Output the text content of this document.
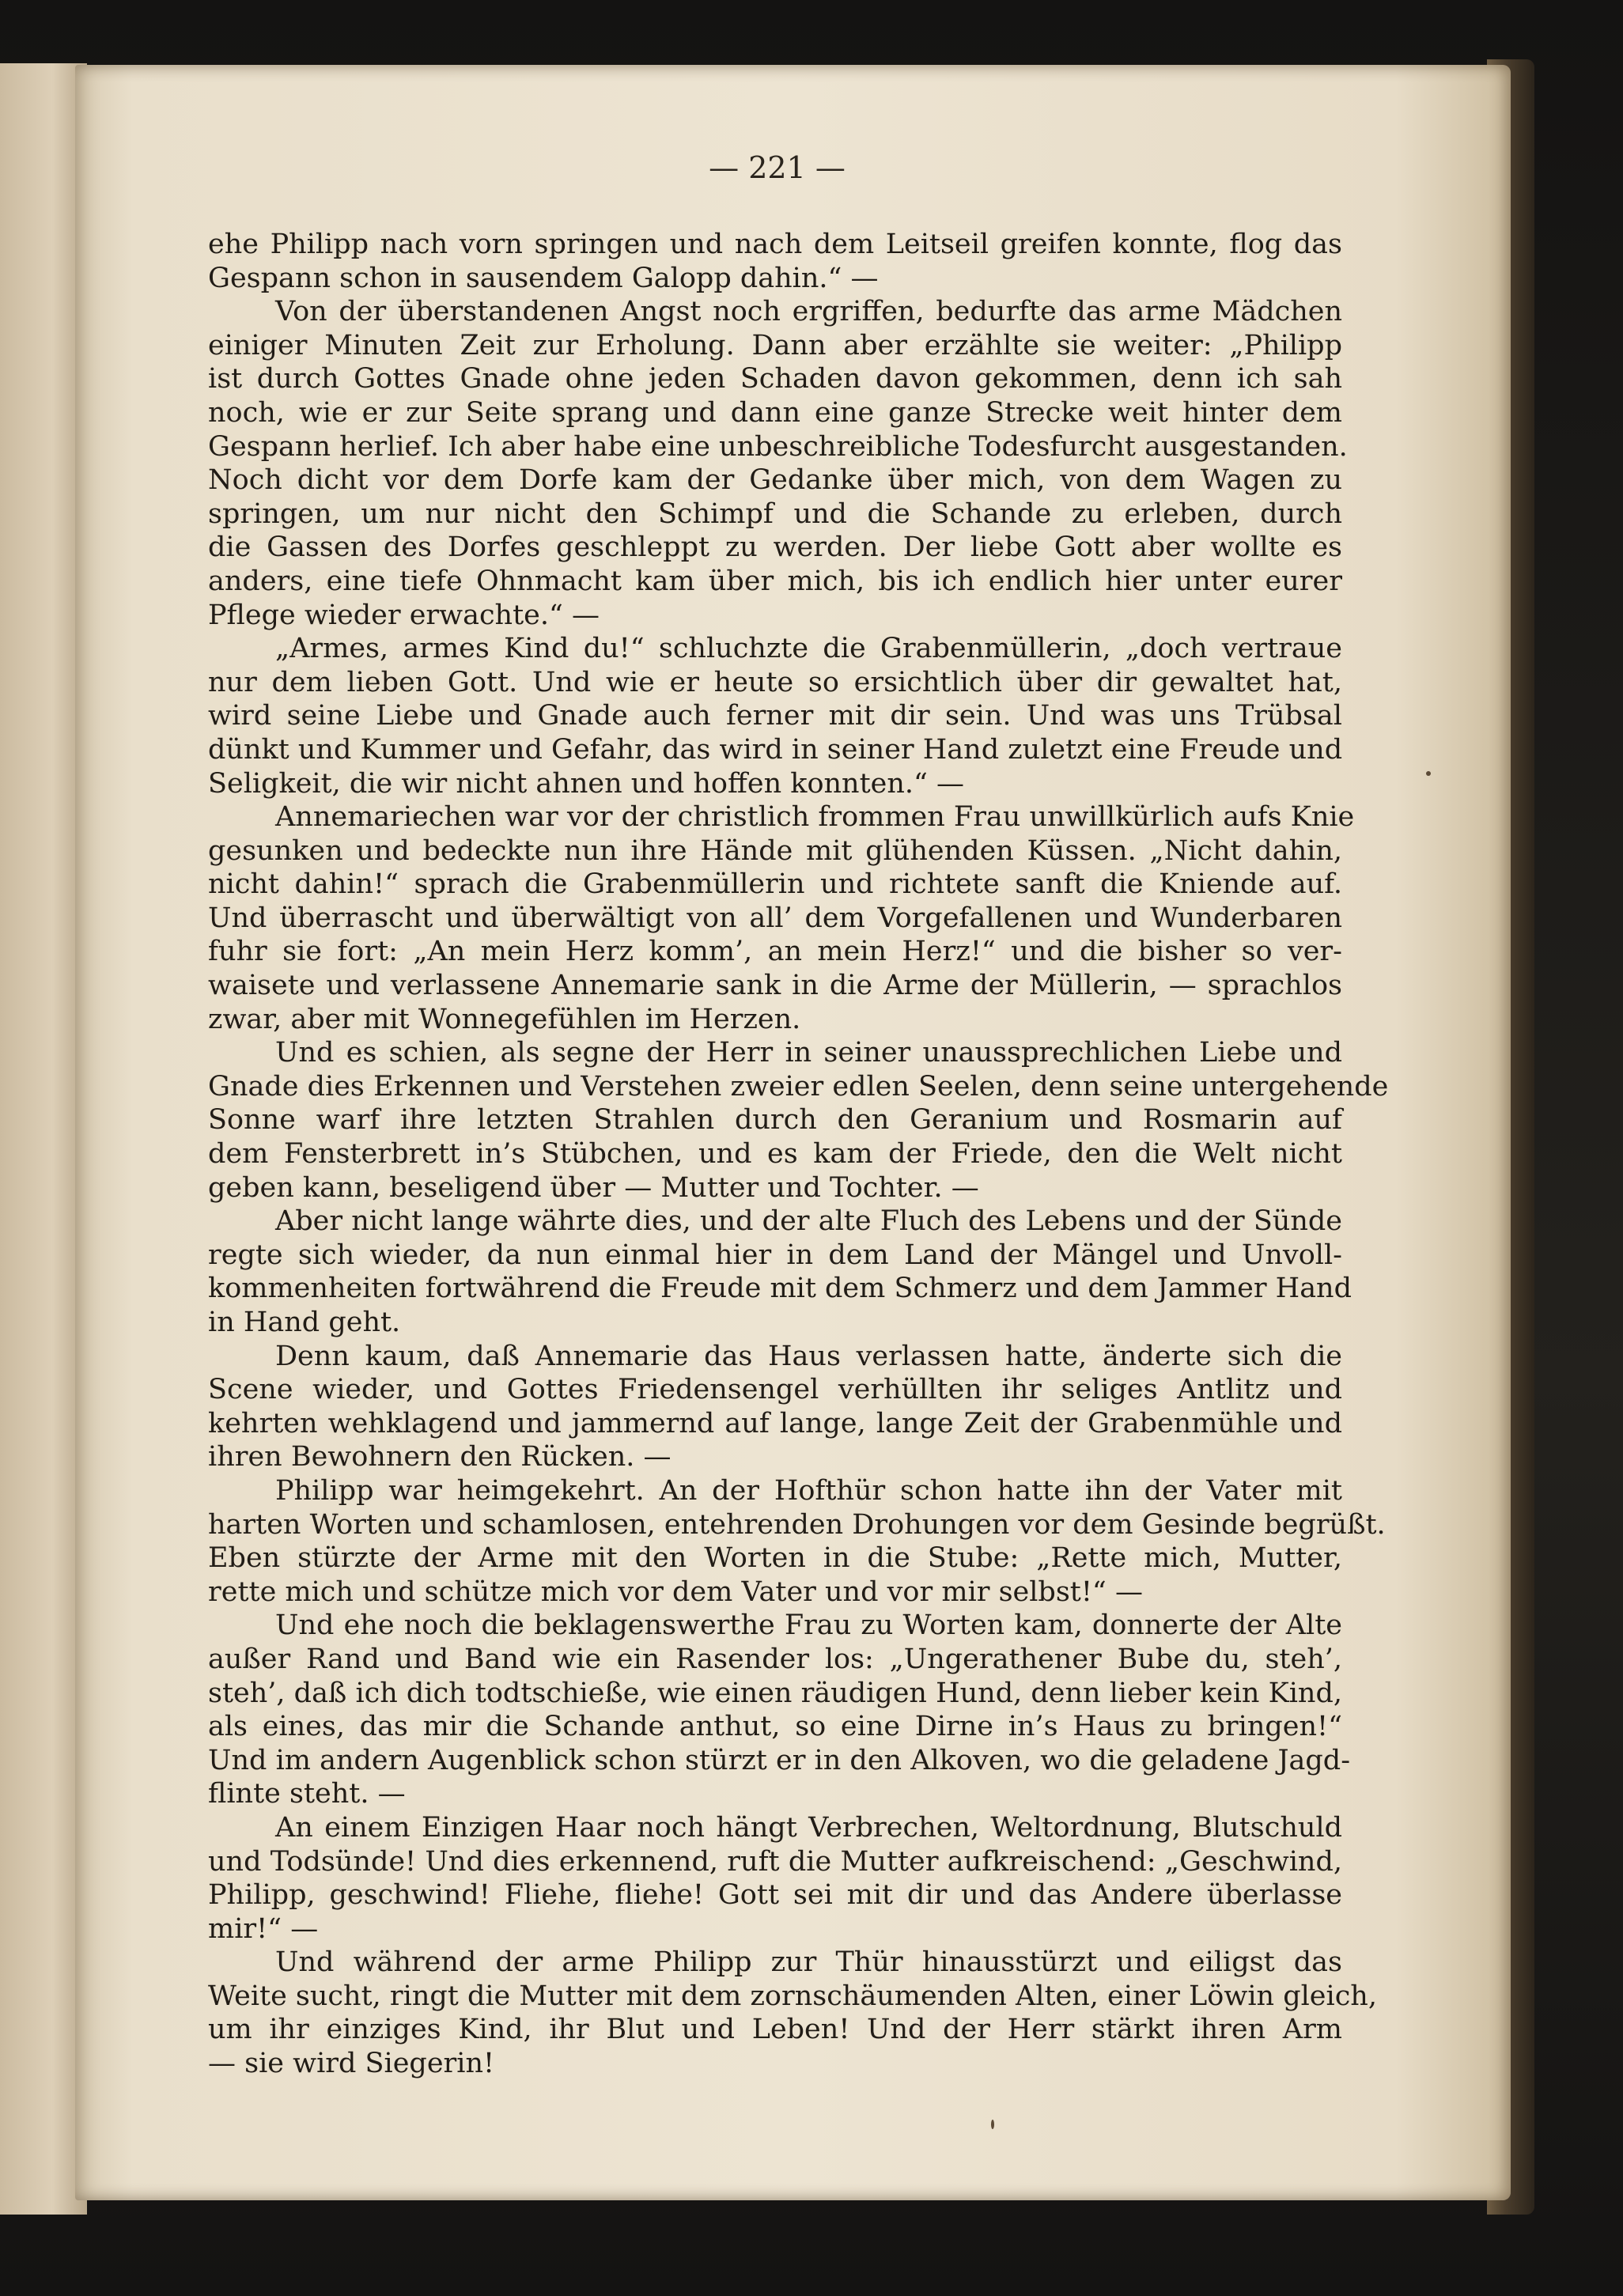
— 221 —
ehe Philipp nach vorn springen und nach dem Leitseil greifen konnte, flog das
Gespann schon in sausendem Galopp dahin.“ —
Von der überstandenen Angst noch ergriffen, bedurfte das arme Mädchen
einiger Minuten Zeit zur Erholung. Dann aber erzählte sie weiter: „Philipp
ist durch Gottes Gnade ohne jeden Schaden davon gekommen, denn ich sah
noch, wie er zur Seite sprang und dann eine ganze Strecke weit hinter dem
Gespann herlief. Ich aber habe eine unbeschreibliche Todesfurcht ausgestanden.
Noch dicht vor dem Dorfe kam der Gedanke über mich, von dem Wagen zu
springen, um nur nicht den Schimpf und die Schande zu erleben, durch
die Gassen des Dorfes geschleppt zu werden. Der liebe Gott aber wollte es
anders, eine tiefe Ohnmacht kam über mich, bis ich endlich hier unter eurer
Pflege wieder erwachte.“ —
„Armes, armes Kind du!“ schluchzte die Grabenmüllerin, „doch vertraue
nur dem lieben Gott. Und wie er heute so ersichtlich über dir gewaltet hat,
wird seine Liebe und Gnade auch ferner mit dir sein. Und was uns Trübsal
dünkt und Kummer und Gefahr, das wird in seiner Hand zuletzt eine Freude und
Seligkeit, die wir nicht ahnen und hoffen konnten.“ —
Annemariechen war vor der christlich frommen Frau unwillkürlich aufs Knie
gesunken und bedeckte nun ihre Hände mit glühenden Küssen. „Nicht dahin,
nicht dahin!“ sprach die Grabenmüllerin und richtete sanft die Kniende auf.
Und überrascht und überwältigt von all’ dem Vorgefallenen und Wunderbaren
fuhr sie fort: „An mein Herz komm’, an mein Herz!“ und die bisher so ver-
waisete und verlassene Annemarie sank in die Arme der Müllerin, — sprachlos
zwar, aber mit Wonnegefühlen im Herzen.
Und es schien, als segne der Herr in seiner unaussprechlichen Liebe und
Gnade dies Erkennen und Verstehen zweier edlen Seelen, denn seine untergehende
Sonne warf ihre letzten Strahlen durch den Geranium und Rosmarin auf
dem Fensterbrett in’s Stübchen, und es kam der Friede, den die Welt nicht
geben kann, beseligend über — Mutter und Tochter. —
Aber nicht lange währte dies, und der alte Fluch des Lebens und der Sünde
regte sich wieder, da nun einmal hier in dem Land der Mängel und Unvoll-
kommenheiten fortwährend die Freude mit dem Schmerz und dem Jammer Hand
in Hand geht.
Denn kaum, daß Annemarie das Haus verlassen hatte, änderte sich die
Scene wieder, und Gottes Friedensengel verhüllten ihr seliges Antlitz und
kehrten wehklagend und jammernd auf lange, lange Zeit der Grabenmühle und
ihren Bewohnern den Rücken. —
Philipp war heimgekehrt. An der Hofthür schon hatte ihn der Vater mit
harten Worten und schamlosen, entehrenden Drohungen vor dem Gesinde begrüßt.
Eben stürzte der Arme mit den Worten in die Stube: „Rette mich, Mutter,
rette mich und schütze mich vor dem Vater und vor mir selbst!“ —
Und ehe noch die beklagenswerthe Frau zu Worten kam, donnerte der Alte
außer Rand und Band wie ein Rasender los: „Ungerathener Bube du, steh’,
steh’, daß ich dich todtschieße, wie einen räudigen Hund, denn lieber kein Kind,
als eines, das mir die Schande anthut, so eine Dirne in’s Haus zu bringen!“
Und im andern Augenblick schon stürzt er in den Alkoven, wo die geladene Jagd-
flinte steht. —
An einem Einzigen Haar noch hängt Verbrechen, Weltordnung, Blutschuld
und Todsünde! Und dies erkennend, ruft die Mutter aufkreischend: „Geschwind,
Philipp, geschwind! Fliehe, fliehe! Gott sei mit dir und das Andere überlasse
mir!“ —
Und während der arme Philipp zur Thür hinausstürzt und eiligst das
Weite sucht, ringt die Mutter mit dem zornschäumenden Alten, einer Löwin gleich,
um ihr einziges Kind, ihr Blut und Leben! Und der Herr stärkt ihren Arm
— sie wird Siegerin!
